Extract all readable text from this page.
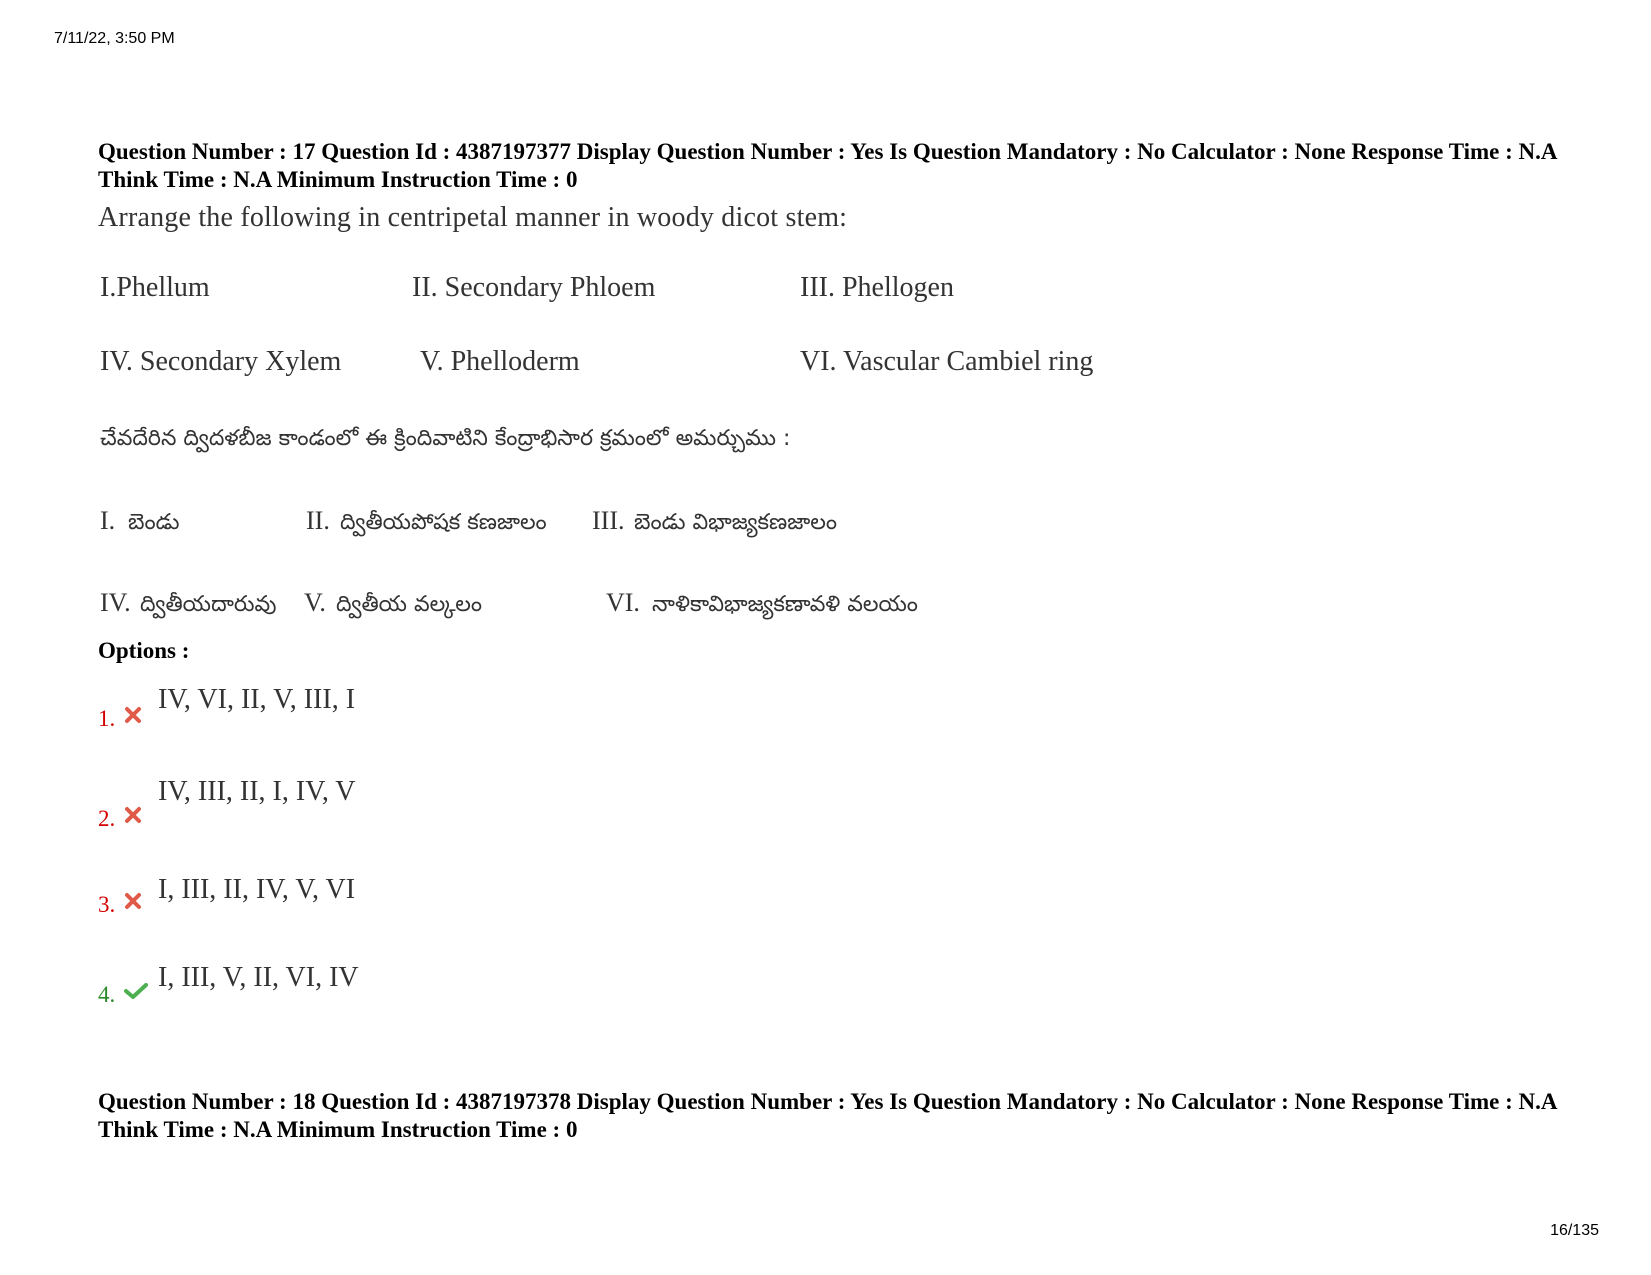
7/11/22, 3:50 PM

Question Number : 17 Question Id : 4387197377 Display Question Number : Yes Is Question Mandatory : No Calculator : None Response Time : N.A Think Time : N.A Minimum Instruction Time : 0

Arrange the following in centripetal manner in woody dicot stem:
I.Phellum	II. Secondary Phloem	III. Phellogen
IV. Secondary Xylem	V. Phelloderm	VI. Vascular Cambiel ring
చేవదేరిన ద్విదళబీజ కాండంలో ఈ క్రిందివాటిని కేంద్రాభిసార క్రమంలో అమర్చుము :
I. బెండు	II. ద్వితీయపోషక కణజాలం III. బెండు విభాజ్యకణజాలం
IV. ద్వితీయదారువు V. ద్వితీయ వల్కలం	VI. నాళికావిభాజ్యకణావళి వలయం
Options :
1.
IV, VI, II, V, III, I
2.
IV, III, II, I, IV, V
3. I, III, II, IV, V, VI
4.
I, III, V, II, VI, IV

Question Number : 18 Question Id : 4387197378 Display Question Number : Yes Is Question Mandatory : No Calculator : None Response Time : N.A Think Time : N.A Minimum Instruction Time : 0

16/135
